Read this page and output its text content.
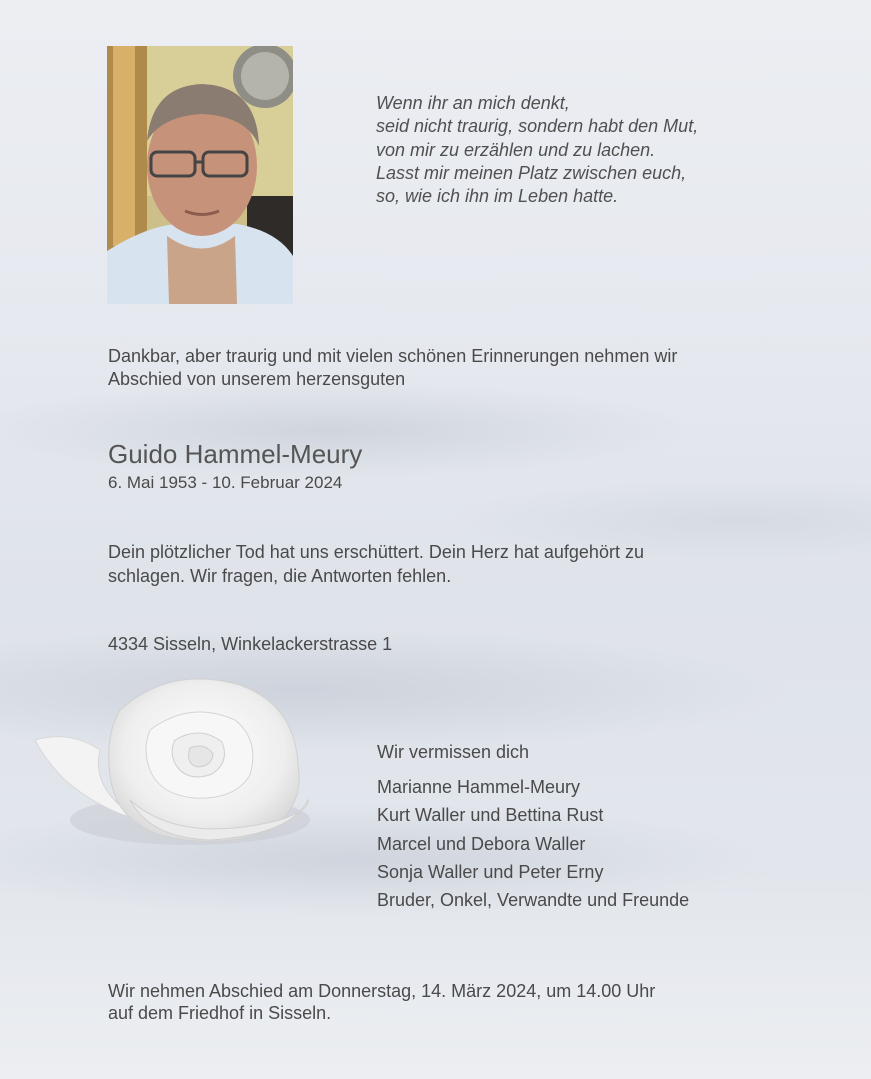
Wenn ihr an mich denkt,
seid nicht traurig, sondern habt den Mut,
von mir zu erzählen und zu lachen.
Lasst mir meinen Platz zwischen euch,
so, wie ich ihn im Leben hatte.
Dankbar, aber traurig und mit vielen schönen Erinnerungen nehmen wir
Abschied von unserem herzensguten
Guido Hammel-Meury
6. Mai 1953 - 10. Februar 2024
Dein plötzlicher Tod hat uns erschüttert. Dein Herz hat aufgehört zu
schlagen. Wir fragen, die Antworten fehlen.
4334 Sisseln, Winkelackerstrasse 1
Wir vermissen dich
Marianne Hammel-Meury
Kurt Waller und Bettina Rust
Marcel und Debora Waller
Sonja Waller und Peter Erny
Bruder, Onkel, Verwandte und Freunde
Wir nehmen Abschied am Donnerstag, 14. März 2024, um 14.00 Uhr
auf dem Friedhof in Sisseln.
